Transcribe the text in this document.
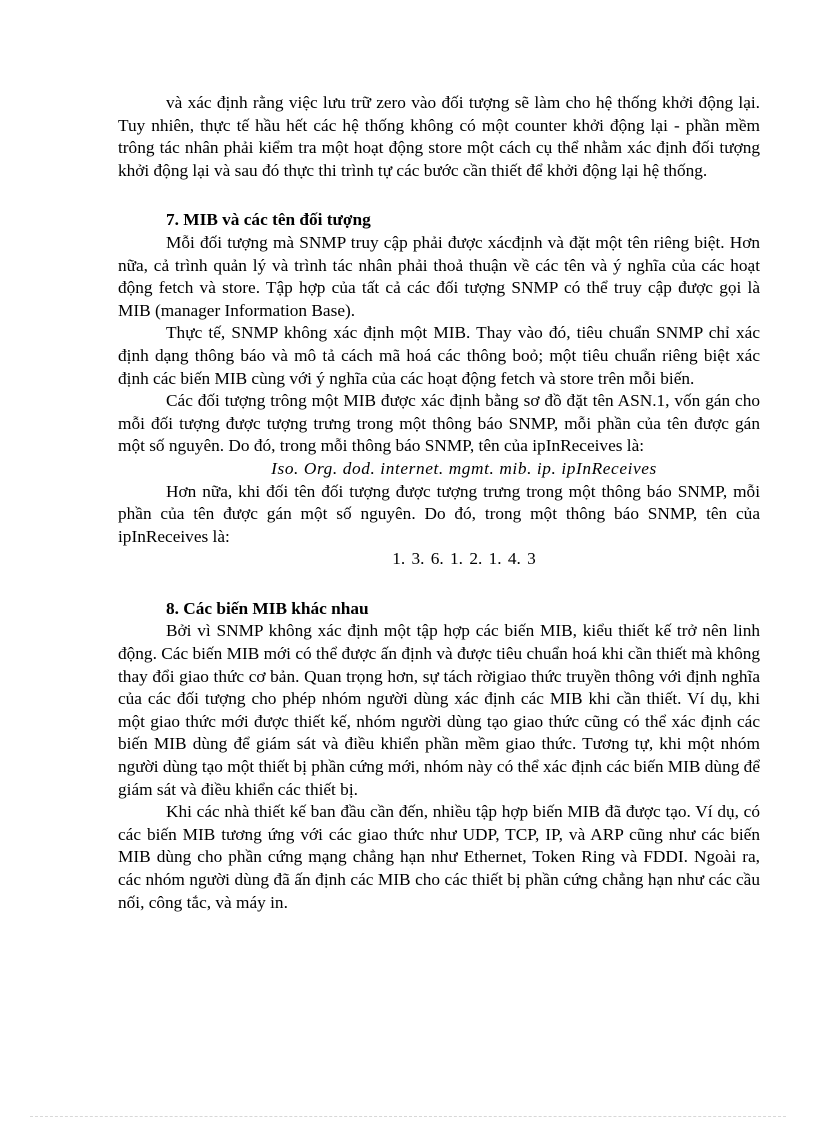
và xác định rằng việc lưu trữ zero vào đối tượng sẽ làm cho hệ thống khởi động lại. Tuy nhiên, thực tế hầu hết các hệ thống không có một counter khởi động lại - phần mềm trông tác nhân phải kiểm tra một hoạt động store một cách cụ thể nhằm xác định đối tượng khởi động lại và sau đó thực thi trình tự các bước cần thiết để khởi động lại hệ thống.

7. MIB và các tên đối tượng

Mỗi đối tượng mà SNMP truy cập phải được xácđịnh và đặt một tên riêng biệt. Hơn nữa, cả trình quản lý và trình tác nhân phải thoả thuận về các tên và ý nghĩa của các hoạt động fetch và store. Tập hợp của tất cả các đối tượng SNMP có thể truy cập được gọi là MIB (manager Information Base).

Thực tế, SNMP không xác định một MIB. Thay vào đó, tiêu chuẩn SNMP chỉ xác định dạng thông báo và mô tả cách mã hoá các thông boỏ; một tiêu chuẩn riêng biệt xác định các biến MIB cùng với ý nghĩa của các hoạt động fetch và store trên mỗi biến.

Các đối tượng trông một MIB được xác định bằng sơ đồ đặt tên ASN.1, vốn gán cho mỗi đối tượng được tượng trưng trong một thông báo SNMP, mỗi phần của tên được gán một số nguyên. Do đó, trong mỗi thông báo SNMP, tên của ipInReceives là:

Iso. Org. dod. internet. mgmt. mib. ip. ipInReceives

Hơn nữa, khi đối tên đối tượng được tượng trưng trong một thông báo SNMP, mỗi phần của tên được gán một số nguyên. Do đó, trong một thông báo SNMP, tên của ipInReceives là:

1. 3. 6. 1. 2. 1. 4. 3
8. Các biến MIB khác nhau

Bởi vì SNMP không xác định một tập hợp các biến MIB, kiểu thiết kế trở nên linh động. Các biến MIB mới có thể được ấn định và được tiêu chuẩn hoá khi cần thiết mà không thay đổi giao thức cơ bản. Quan trọng hơn, sự tách rờigiao thức truyền thông với định nghĩa của các đối tượng cho phép nhóm người dùng xác định các MIB khi cần thiết. Ví dụ, khi một giao thức mới được thiết kế, nhóm người dùng tạo giao thức cũng có thể xác định các biến MIB dùng để giám sát và điều khiển phần mềm giao thức. Tương tự, khi một nhóm người dùng tạo một thiết bị phần cứng mới, nhóm này có thể xác định các biến MIB dùng để giám sát và điều khiển các thiết bị.

Khi các nhà thiết kế ban đầu cần đến, nhiều tập hợp biến MIB đã được tạo. Ví dụ, có các biến MIB tương ứng với các giao thức như UDP, TCP, IP, và ARP cũng như các biến MIB dùng cho phần cứng mạng chẳng hạn như Ethernet, Token Ring và FDDI. Ngoài ra, các nhóm người dùng đã ấn định các MIB cho các thiết bị phần cứng chẳng hạn như các cầu nối, công tắc, và máy in.
